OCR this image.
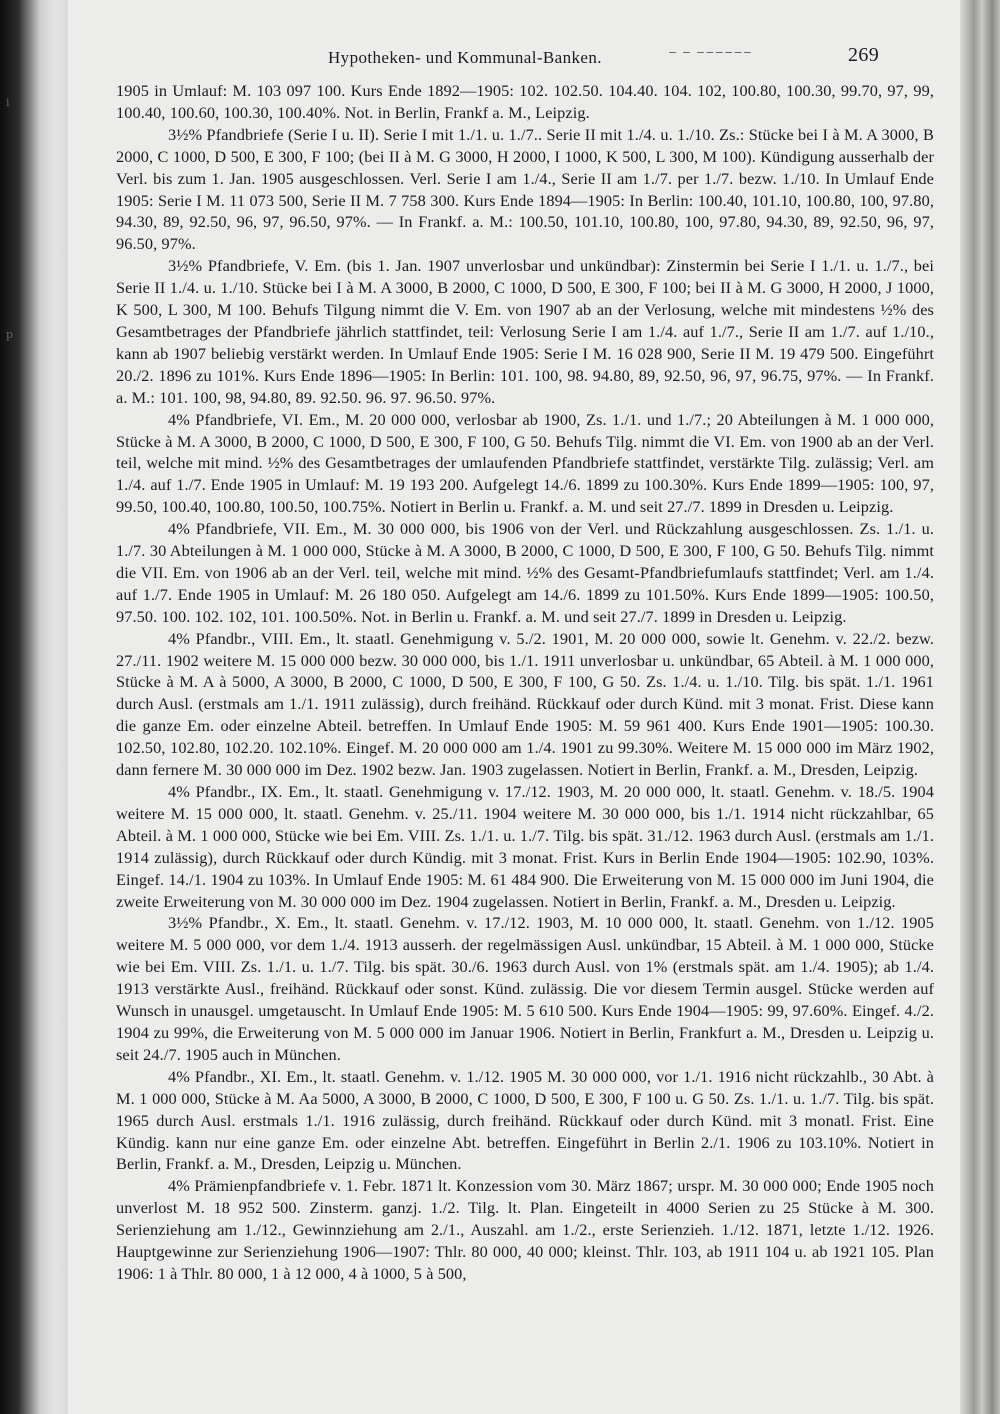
i
p
Hypotheken- und Kommunal-Banken.	⁻ ⁻ ⁻⁻⁻⁻⁻⁻	269

1905 in Umlauf: M. 103 097 100. Kurs Ende 1892—1905: 102. 102.50. 104.40. 104. 102, 100.80, 100.30, 99.70, 97, 99, 100.40, 100.60, 100.30, 100.40%. Not. in Berlin, Frankf a. M., Leipzig.

3½% Pfandbriefe (Serie I u. II). Serie I mit 1./1. u. 1./7.. Serie II mit 1./4. u. 1./10. Zs.: Stücke bei I à M. A 3000, B 2000, C 1000, D 500, E 300, F 100; (bei II à M. G 3000, H 2000, I 1000, K 500, L 300, M 100). Kündigung ausserhalb der Verl. bis zum 1. Jan. 1905 ausgeschlossen. Verl. Serie I am 1./4., Serie II am 1./7. per 1./7. bezw. 1./10. In Umlauf Ende 1905: Serie I M. 11 073 500, Serie II M. 7 758 300. Kurs Ende 1894—1905: In Berlin: 100.40, 101.10, 100.80, 100, 97.80, 94.30, 89, 92.50, 96, 97, 96.50, 97%. — In Frankf. a. M.: 100.50, 101.10, 100.80, 100, 97.80, 94.30, 89, 92.50, 96, 97, 96.50, 97%.

3½% Pfandbriefe, V. Em. (bis 1. Jan. 1907 unverlosbar und unkündbar): Zinstermin bei Serie I 1./1. u. 1./7., bei Serie II 1./4. u. 1./10. Stücke bei I à M. A 3000, B 2000, C 1000, D 500, E 300, F 100; bei II à M. G 3000, H 2000, J 1000, K 500, L 300, M 100. Behufs Tilgung nimmt die V. Em. von 1907 ab an der Verlosung, welche mit mindestens ½% des Gesamtbetrages der Pfandbriefe jährlich stattfindet, teil: Verlosung Serie I am 1./4. auf 1./7., Serie II am 1./7. auf 1./10., kann ab 1907 beliebig verstärkt werden. In Umlauf Ende 1905: Serie I M. 16 028 900, Serie II M. 19 479 500. Eingeführt 20./2. 1896 zu 101%. Kurs Ende 1896—1905: In Berlin: 101. 100, 98. 94.80, 89, 92.50, 96, 97, 96.75, 97%. — In Frankf. a. M.: 101. 100, 98, 94.80, 89. 92.50. 96. 97. 96.50. 97%.

4% Pfandbriefe, VI. Em., M. 20 000 000, verlosbar ab 1900, Zs. 1./1. und 1./7.; 20 Abteilungen à M. 1 000 000, Stücke à M. A 3000, B 2000, C 1000, D 500, E 300, F 100, G 50. Behufs Tilg. nimmt die VI. Em. von 1900 ab an der Verl. teil, welche mit mind. ½% des Gesamtbetrages der umlaufenden Pfandbriefe stattfindet, verstärkte Tilg. zulässig; Verl. am 1./4. auf 1./7. Ende 1905 in Umlauf: M. 19 193 200. Aufgelegt 14./6. 1899 zu 100.30%. Kurs Ende 1899—1905: 100, 97, 99.50, 100.40, 100.80, 100.50, 100.75%. Notiert in Berlin u. Frankf. a. M. und seit 27./7. 1899 in Dresden u. Leipzig.

4% Pfandbriefe, VII. Em., M. 30 000 000, bis 1906 von der Verl. und Rückzahlung ausgeschlossen. Zs. 1./1. u. 1./7. 30 Abteilungen à M. 1 000 000, Stücke à M. A 3000, B 2000, C 1000, D 500, E 300, F 100, G 50. Behufs Tilg. nimmt die VII. Em. von 1906 ab an der Verl. teil, welche mit mind. ½% des Gesamt-Pfandbriefumlaufs stattfindet; Verl. am 1./4. auf 1./7. Ende 1905 in Umlauf: M. 26 180 050. Aufgelegt am 14./6. 1899 zu 101.50%. Kurs Ende 1899—1905: 100.50, 97.50. 100. 102. 102, 101. 100.50%. Not. in Berlin u. Frankf. a. M. und seit 27./7. 1899 in Dresden u. Leipzig.

4% Pfandbr., VIII. Em., lt. staatl. Genehmigung v. 5./2. 1901, M. 20 000 000, sowie lt. Genehm. v. 22./2. bezw. 27./11. 1902 weitere M. 15 000 000 bezw. 30 000 000, bis 1./1. 1911 unverlosbar u. unkündbar, 65 Abteil. à M. 1 000 000, Stücke à M. A à 5000, A 3000, B 2000, C 1000, D 500, E 300, F 100, G 50. Zs. 1./4. u. 1./10. Tilg. bis spät. 1./1. 1961 durch Ausl. (erstmals am 1./1. 1911 zulässig), durch freihänd. Rückkauf oder durch Künd. mit 3 monat. Frist. Diese kann die ganze Em. oder einzelne Abteil. betreffen. In Umlauf Ende 1905: M. 59 961 400. Kurs Ende 1901—1905: 100.30. 102.50, 102.80, 102.20. 102.10%. Eingef. M. 20 000 000 am 1./4. 1901 zu 99.30%. Weitere M. 15 000 000 im März 1902, dann fernere M. 30 000 000 im Dez. 1902 bezw. Jan. 1903 zugelassen. Notiert in Berlin, Frankf. a. M., Dresden, Leipzig.

4% Pfandbr., IX. Em., lt. staatl. Genehmigung v. 17./12. 1903, M. 20 000 000, lt. staatl. Genehm. v. 18./5. 1904 weitere M. 15 000 000, lt. staatl. Genehm. v. 25./11. 1904 weitere M. 30 000 000, bis 1./1. 1914 nicht rückzahlbar, 65 Abteil. à M. 1 000 000, Stücke wie bei Em. VIII. Zs. 1./1. u. 1./7. Tilg. bis spät. 31./12. 1963 durch Ausl. (erstmals am 1./1. 1914 zulässig), durch Rückkauf oder durch Kündig. mit 3 monat. Frist. Kurs in Berlin Ende 1904—1905: 102.90, 103%. Eingef. 14./1. 1904 zu 103%. In Umlauf Ende 1905: M. 61 484 900. Die Erweiterung von M. 15 000 000 im Juni 1904, die zweite Erweiterung von M. 30 000 000 im Dez. 1904 zugelassen. Notiert in Berlin, Frankf. a. M., Dresden u. Leipzig.

3½% Pfandbr., X. Em., lt. staatl. Genehm. v. 17./12. 1903, M. 10 000 000, lt. staatl. Genehm. von 1./12. 1905 weitere M. 5 000 000, vor dem 1./4. 1913 ausserh. der regelmässigen Ausl. unkündbar, 15 Abteil. à M. 1 000 000, Stücke wie bei Em. VIII. Zs. 1./1. u. 1./7. Tilg. bis spät. 30./6. 1963 durch Ausl. von 1% (erstmals spät. am 1./4. 1905); ab 1./4. 1913 verstärkte Ausl., freihänd. Rückkauf oder sonst. Künd. zulässig. Die vor diesem Termin ausgel. Stücke werden auf Wunsch in unausgel. umgetauscht. In Umlauf Ende 1905: M. 5 610 500. Kurs Ende 1904—1905: 99, 97.60%. Eingef. 4./2. 1904 zu 99%, die Erweiterung von M. 5 000 000 im Januar 1906. Notiert in Berlin, Frankfurt a. M., Dresden u. Leipzig u. seit 24./7. 1905 auch in München.

4% Pfandbr., XI. Em., lt. staatl. Genehm. v. 1./12. 1905 M. 30 000 000, vor 1./1. 1916 nicht rückzahlb., 30 Abt. à M. 1 000 000, Stücke à M. Aa 5000, A 3000, B 2000, C 1000, D 500, E 300, F 100 u. G 50. Zs. 1./1. u. 1./7. Tilg. bis spät. 1965 durch Ausl. erstmals 1./1. 1916 zulässig, durch freihänd. Rückkauf oder durch Künd. mit 3 monatl. Frist. Eine Kündig. kann nur eine ganze Em. oder einzelne Abt. betreffen. Eingeführt in Berlin 2./1. 1906 zu 103.10%. Notiert in Berlin, Frankf. a. M., Dresden, Leipzig u. München.

4% Prämienpfandbriefe v. 1. Febr. 1871 lt. Konzession vom 30. März 1867; urspr. M. 30 000 000; Ende 1905 noch unverlost M. 18 952 500. Zinsterm. ganzj. 1./2. Tilg. lt. Plan. Eingeteilt in 4000 Serien zu 25 Stücke à M. 300. Serienziehung am 1./12., Gewinnziehung am 2./1., Auszahl. am 1./2., erste Serienzieh. 1./12. 1871, letzte 1./12. 1926. Hauptgewinne zur Serienziehung 1906—1907: Thlr. 80 000, 40 000; kleinst. Thlr. 103, ab 1911 104 u. ab 1921 105. Plan 1906: 1 à Thlr. 80 000, 1 à 12 000, 4 à 1000, 5 à 500,
